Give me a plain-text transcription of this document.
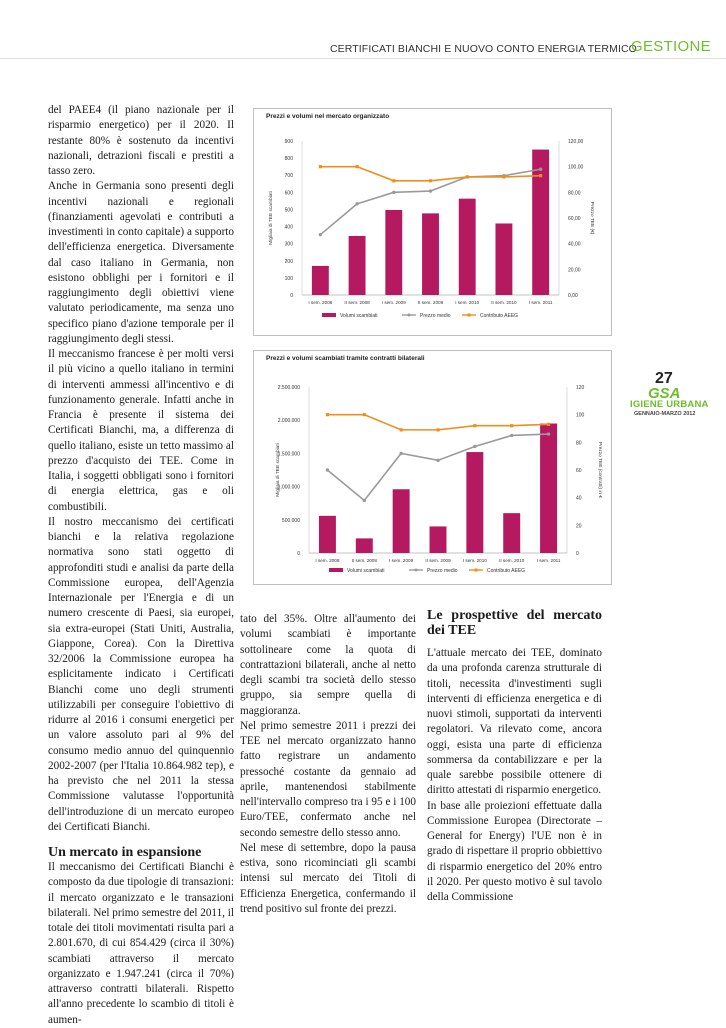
CERTIFICATI BIANCHI E NUOVO CONTO ENERGIA TERMICO
GESTIONE

del PAEE4 (il piano nazionale per il risparmio energetico) per il 2020. Il restante 80% è sostenuto da incentivi nazionali, detrazioni fiscali e prestiti a tasso zero.

Anche in Germania sono presenti degli incentivi nazionali e regionali (finanziamenti agevolati e contributi a investimenti in conto capitale) a supporto dell'efficienza energetica. Diversamente dal caso italiano in Germania, non esistono obblighi per i fornitori e il raggiungimento degli obiettivi viene valutato periodicamente, ma senza uno specifico piano d'azione temporale per il raggiungimento degli stessi.

Il meccanismo francese è per molti versi il più vicino a quello italiano in termini di interventi ammessi all'incentivo e di funzionamento generale. Infatti anche in Francia è presente il sistema dei Certificati Bianchi, ma, a differenza di quello italiano, esiste un tetto massimo al prezzo d'acquisto dei TEE. Come in Italia, i soggetti obbligati sono i fornitori di energia elettrica, gas e oli combustibili.

Il nostro meccanismo dei certificati bianchi e la relativa regolazione normativa sono stati oggetto di approfonditi studi e analisi da parte della Commissione europea, dell'Agenzia Internazionale per l'Energia e di un numero crescente di Paesi, sia europei, sia extra-europei (Stati Uniti, Australia, Giappone, Corea). Con la Direttiva 32/2006 la Commissione europea ha esplicitamente indicato i Certificati Bianchi come uno degli strumenti utilizzabili per conseguire l'obiettivo di ridurre al 2016 i consumi energetici per un valore assoluto pari al 9% del consumo medio annuo del quinquennio 2002-2007 (per l'Italia 10.864.982 tep), e ha previsto che nel 2011 la stessa Commissione valutasse l'opportunità dell'introduzione di un mercato europeo dei Certificati Bianchi.

Un mercato in espansione

Il meccanismo dei Certificati Bianchi è composto da due tipologie di transazioni: il mercato organizzato e le transazioni bilaterali. Nel primo semestre del 2011, il totale dei titoli movimentati risulta pari a 2.801.670, di cui 854.429 (circa il 30%) scambiati attraverso il mercato organizzato e 1.947.241 (circa il 70%) attraverso contratti bilaterali. Rispetto all'anno precedente lo scambio di titoli è aumen-

tato del 35%. Oltre all'aumento dei volumi scambiati è importante sottolineare come la quota di contrattazioni bilaterali, anche al netto degli scambi tra società dello stesso gruppo, sia sempre quella di maggioranza.

Nel primo semestre 2011 i prezzi dei TEE nel mercato organizzato hanno fatto registrare un andamento pressoché costante da gennaio ad aprile, mantenendosi stabilmente nell'intervallo compreso tra i 95 e i 100 Euro/TEE, confermato anche nel secondo semestre dello stesso anno.

Nel mese di settembre, dopo la pausa estiva, sono ricominciati gli scambi intensi sul mercato dei Titoli di Efficienza Energetica, confermando il trend positivo sul fronte dei prezzi.

Le prospettive del mercato dei TEE

L'attuale mercato dei TEE, dominato da una profonda carenza strutturale di titoli, necessita d'investimenti sugli interventi di efficienza energetica e di nuovi stimoli, supportati da interventi regolatori. Va rilevato come, ancora oggi, esista una parte di efficienza sommersa da contabilizzare e per la quale sarebbe possibile ottenere di diritto attestati di risparmio energetico.

In base alle proiezioni effettuate dalla Commissione Europea (Directorate – General for Energy) l'UE non è in grado di rispettare il proprio obbiettivo di risparmio energetico del 20% entro il 2020. Per questo motivo è sul tavolo della Commissione

Prezzi e volumi nel mercato organizzato
0
100
200
300
400
500
600
700
800
900
0,00
20,00
40,00
60,00
80,00
100,00
120,00
Migliaia di TEE scambiati	Prezzo TEE (€)
I sem. 2008	II sem. 2008	I sem. 2009	II sem. 2009	I sem. 2010	II sem. 2010	I sem. 2011
Volumi scambiati	Prezzo medio	Contributo AEEG
Prezzi e volumi scambiati tramite contratti bilaterali
0
500.000
1.000.000
1.500.000
2.000.000
2.500.000
0
20
40
60
80
100
120
Migliaia di TEE scambiati	Prezzo TEE (contratti) in €
I sem. 2008	II sem. 2008	I sem. 2009	II sem. 2009	I sem. 2010	II sem. 2010	I sem. 2011
Volumi scambiati	Prezzo medio	Contributo AEEG
27
GSA
IGIENE URBANA
GENNAIO-MARZO 2012
